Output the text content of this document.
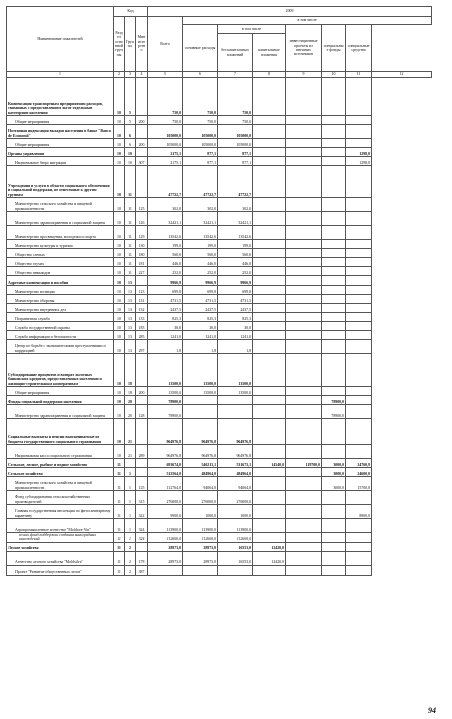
Наименование показателей	Код			2009							
	Раздел основной группы	Группа	Министерство	Всего	в том числе						
					основные расходы	в том числе		инвестиционные проекты из внешних источников	специальные фонды	специальные средства	
						без капитальных вложений	капитальные вложения				
1	2	3	4	5	6	7	8	9	10	11	12
Компенсация транспортным предприятиям расходов, связанных с предоставлением льгот отдельным категориям населения	10	5		750,0	750,0	750,0					
Общие мероприятия	10	5	200	750,0	750,0	750,0					
Поэтапная индексация вкладов населения в банке "Banca de Economii"	10	6		105000,0	105000,0	105000,0					
Общие мероприятия	10	6	200	105000,0	105000,0	105000,0					
Органы управления	10	10		2175,1	877,1	877,1				1298,0	
Национальное бюро миграции	10	10	307	2175,1	877,1	877,1				1298,0	
Учреждения и услуги в области социального обеспечения и социальной поддержки, не отнесенные к другим группам	10	11		47722,7	47722,7	47722,7					
Министерство сельского хозяйства и пищевой промышленности	10	11	125	302,0	302,0	302,0					
Министерство здравоохранения и социальной защиты	10	11	126	32421,1	32421,1	32421,1					
Министерство просвещения, молодежи и спорта	10	11	129	13542,6	13542,6	13542,6					
Министерство культуры и туризма	10	11	130	199,0	199,0	199,0					
Общество слепых	10	11	180	560,0	560,0	560,0					
Общество глухих	10	11	181	446,0	446,0	446,0					
Общество инвалидов	10	11	227	252,0	252,0	252,0					
Адресные компенсации и пособия	10	13		9966,9	9966,9	9966,9					
Министерство юстиции	10	13	123	699,8	699,8	699,8					
Министерство обороны	10	13	131	4731,5	4731,5	4731,5					
Министерство внутренних дел	10	13	132	2437,5	2437,5	2437,5					
Пограничная служба	10	13	133	825,3	825,3	825,3					
Служба государственной охраны	10	13	183	30,0	30,0	30,0					
Служба информации и безопасности	10	13	285	1241,0	1241,0	1241,0					
Центр по борьбе с экономическими преступлениями и коррупцией	10	13	297	1,8	1,8	1,8					
Субсидирование процентов и возврат льготных банковских кредитов, предоставленных населению и жилищно-строительным кооперативам	10	18		13500,0	13500,0	13500,0					
Общие мероприятия	10	18	200	13500,0	13500,0	13500,0					
Фонды социальной поддержки населения	10	20		78900,0					78900,0		
Министерство здравоохранения и социальной защиты	10	20	128	78900,0					78900,0		
Социальные выплаты и пенсии выплачиваемые из бюджета государственного социального страхования	10	21		964976,8	964976,8	964976,8					
Национальная касса социального страхования	10	21	289	964976,8	964976,8	964976,8					
Сельское, лесное, рыбное и водное хозяйство	11			693674,0	546213,1	531673,1	14540,0	119700,0	3000,0	24760,9	
Сельское хозяйство	11	1		512564,0	484964,0	484964,0			3000,0	24600,0	
Министерство сельского хозяйства и пищевой промышленности	11	1	125	112764,0	94064,0	94064,0			3000,0	15700,0	
Фонд субсидирования сельскохозяйственных производителей	11	1	315	276000,0	276000,0	276000,0					
Главная государственная инспекция по фитосанитарному карантину	11	1	322	9900,0	1000,0	1000,0				8900,0	
Агропромышленное агентство "Moldova-Vin"	11	1	324	113900,0	113900,0	113900,0					
из них фонд поддержки создания виноградных насаждений	11	1	324	112600,0	112600,0	112600,0					
Лесное хозяйство	11	2		28973,0	28973,0	16553,0	12420,0				
Агентство лесного хозяйства "Moldsilva"	11	2	178	28973,0	28973,0	16553,0	12420,0				
Проект "Развитие общественных лесов"	11	2	387								
94
